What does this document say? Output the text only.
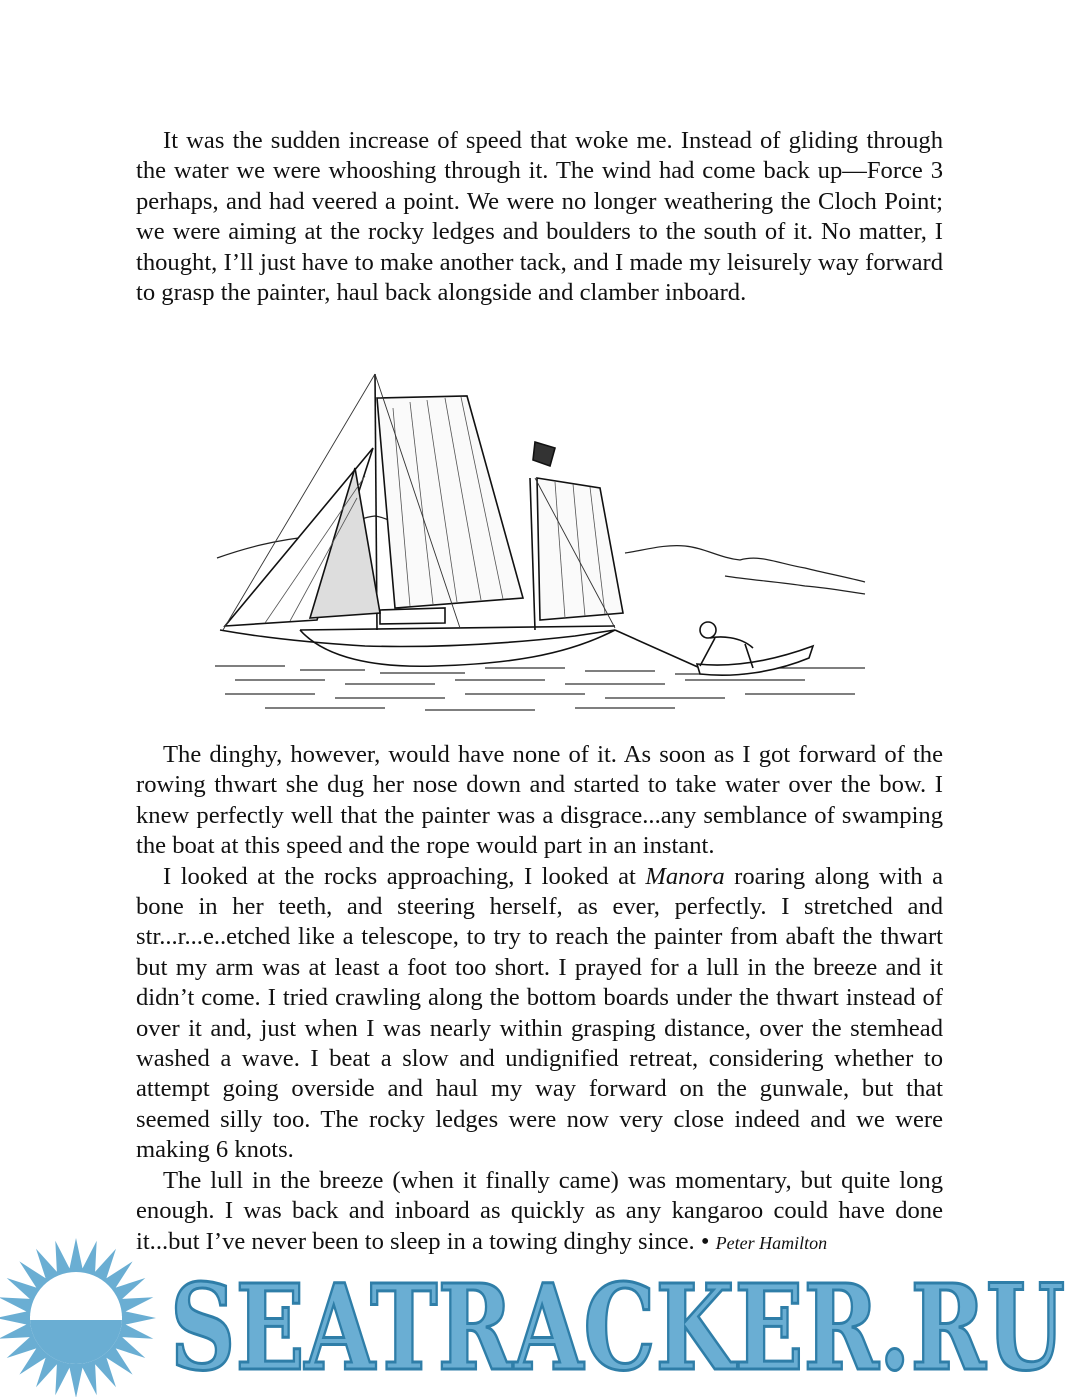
It was the sudden increase of speed that woke me. Instead of gliding through the water we were whooshing through it. The wind had come back up—Force 3 perhaps, and had veered a point. We were no longer weathering the Cloch Point; we were aiming at the rocky ledges and boulders to the south of it. No matter, I thought, I’ll just have to make another tack, and I made my leisurely way forward to grasp the painter, haul back alongside and clamber inboard.

The dinghy, however, would have none of it. As soon as I got forward of the rowing thwart she dug her nose down and started to take water over the bow. I knew perfectly well that the painter was a disgrace...any semblance of swamping the boat at this speed and the rope would part in an instant.

I looked at the rocks approaching, I looked at Manora roaring along with a bone in her teeth, and steering herself, as ever, perfectly. I stretched and str...r...e..etched like a telescope, to try to reach the painter from abaft the thwart but my arm was at least a foot too short. I prayed for a lull in the breeze and it didn’t come. I tried crawling along the bottom boards under the thwart instead of over it and, just when I was nearly within grasping distance, over the stemhead washed a wave. I beat a slow and undignified retreat, considering whether to attempt going overside and haul my way forward on the gunwale, but that seemed silly too. The rocky ledges were now very close indeed and we were making 6 knots.

The lull in the breeze (when it finally came) was momentary, but quite long enough. I was back and inboard as quickly as any kangaroo could have done it...but I’ve never been to sleep in a towing dinghy since. • Peter Hamilton

SEATRACKER.RU
